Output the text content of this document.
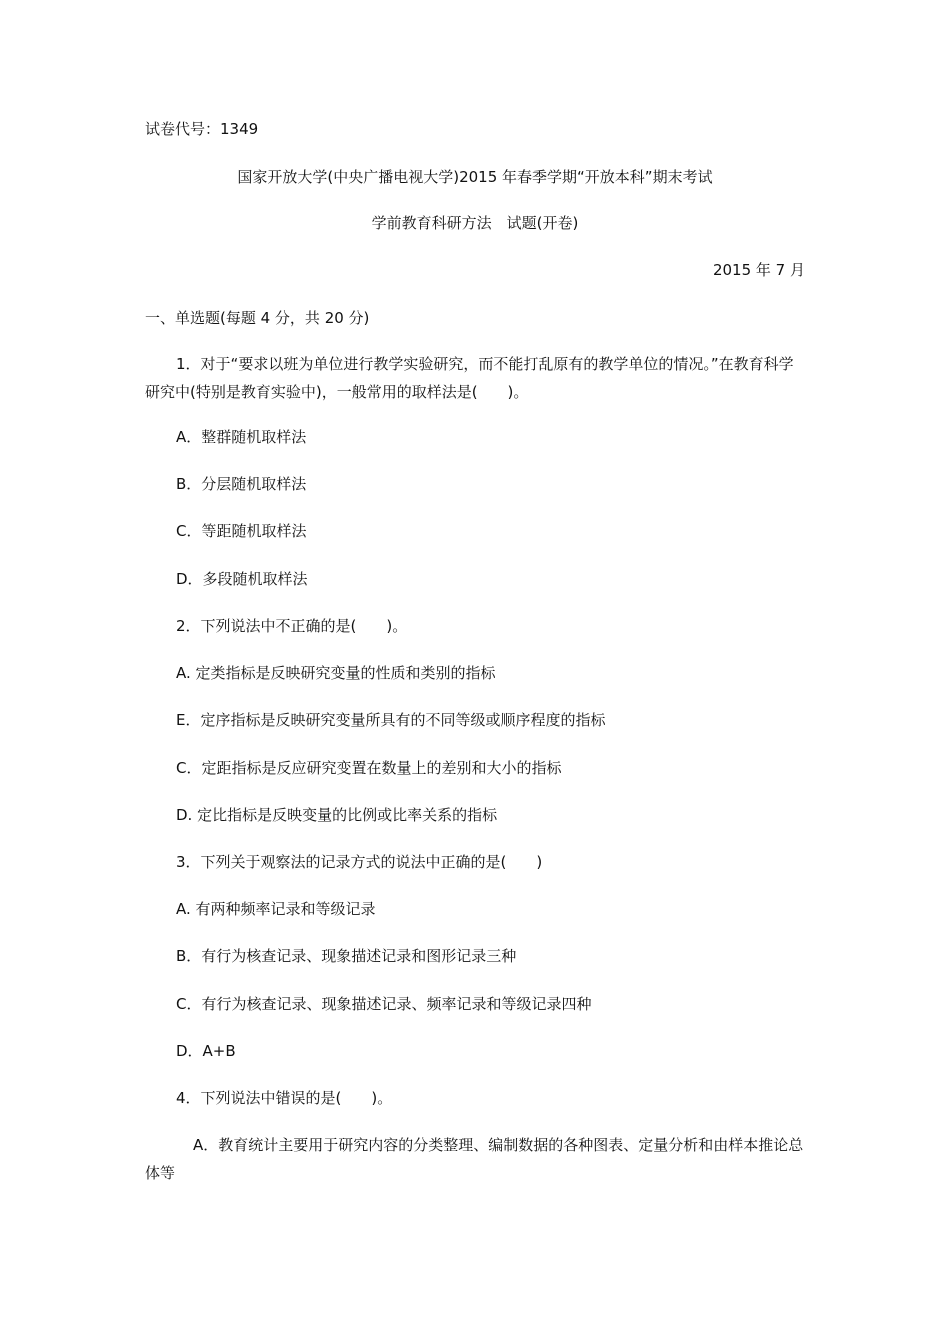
试卷代号：1349
国家开放大学(中央广播电视大学)2015 年春季学期“开放本科”期末考试
学前教育科研方法　试题(开卷)
2015 年 7 月
一、单选题(每题 4 分，共 20 分)
1．对于“要求以班为单位进行教学实验研究，而不能打乱原有的教学单位的情况。”在教育科学研究中(特别是教育实验中)，一般常用的取样法是(　　)。
A．整群随机取样法
B．分层随机取样法
C．等距随机取样法
D．多段随机取样法
2．下列说法中不正确的是(　　)。
A. 定类指标是反映研究变量的性质和类别的指标
E．定序指标是反映研究变量所具有的不同等级或顺序程度的指标
C．定距指标是反应研究变置在数量上的差别和大小的指标
D. 定比指标是反映变量的比例或比率关系的指标
3．下列关于观察法的记录方式的说法中正确的是(　　)
A. 有两种频率记录和等级记录
B．有行为核查记录、现象描述记录和图形记录三种
C．有行为核查记录、现象描述记录、频率记录和等级记录四种
D．A+B
4．下列说法中错误的是(　　)。
A．教育统计主要用于研究内容的分类整理、编制数据的各种图表、定量分析和由样本推论总体等
